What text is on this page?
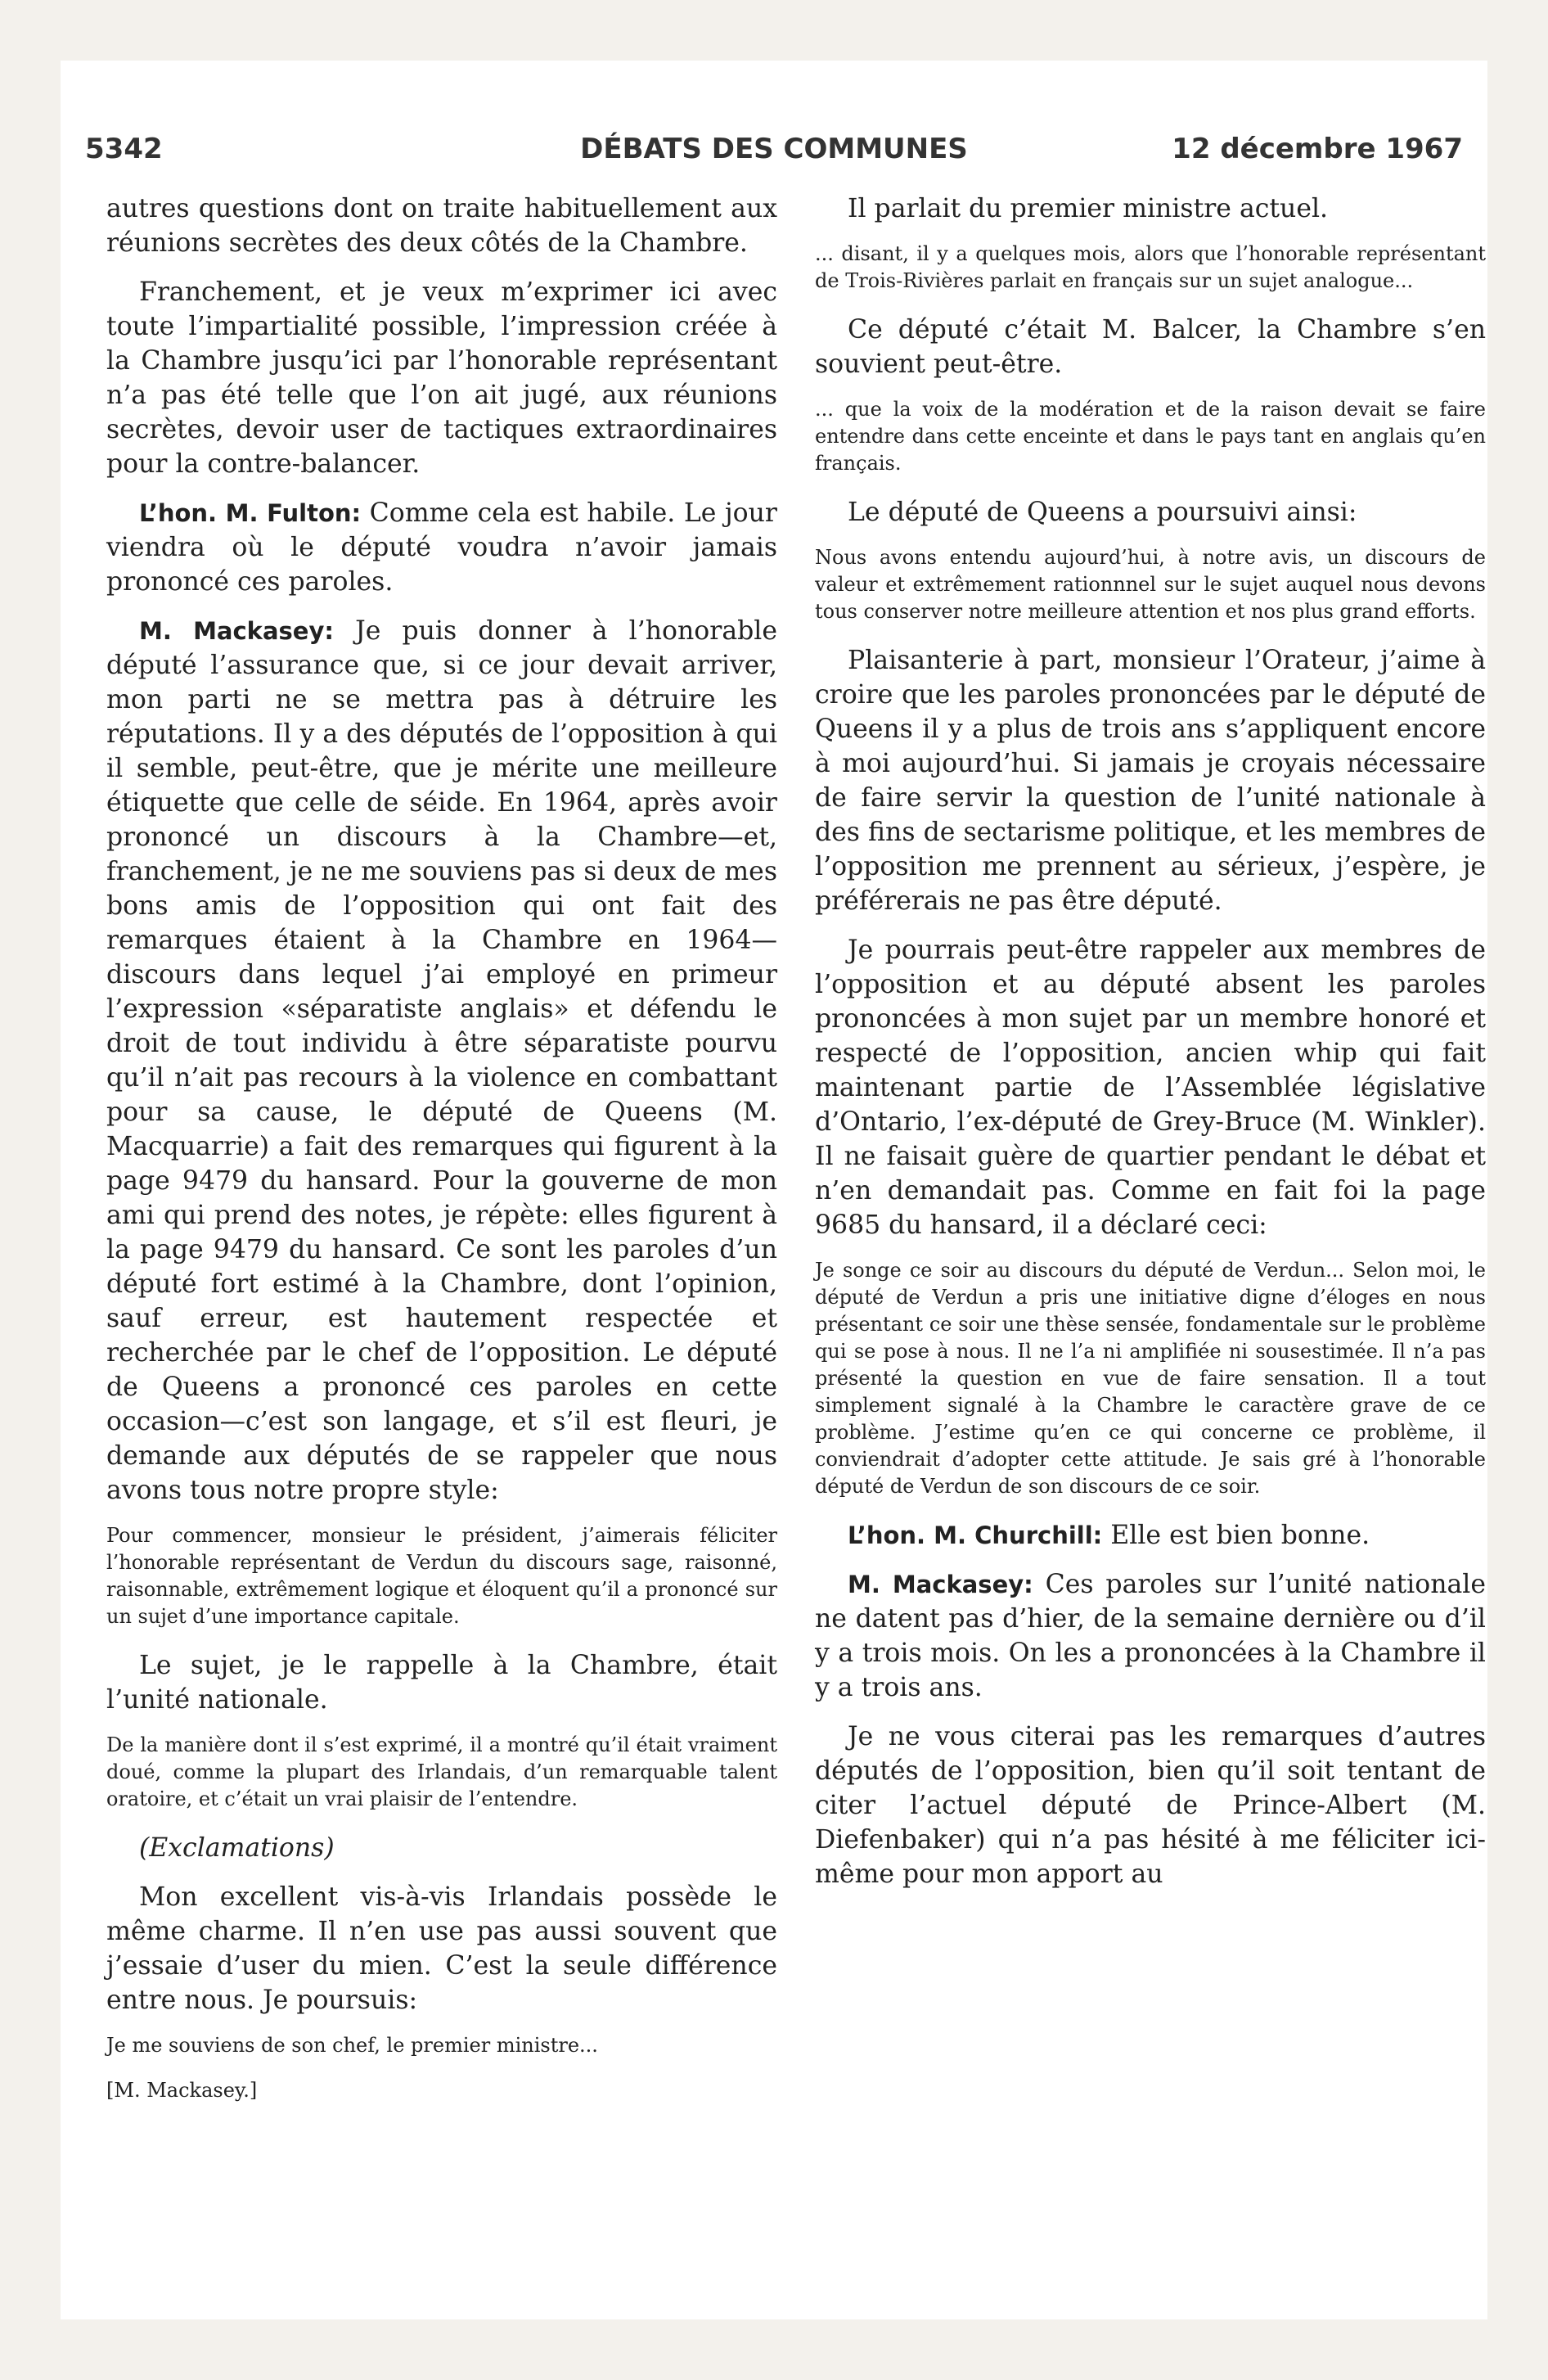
5342	DÉBATS DES COMMUNES	12 décembre 1967

autres questions dont on traite habituellement aux réunions secrètes des deux côtés de la Chambre.

Franchement, et je veux m’exprimer ici avec toute l’impartialité possible, l’impression créée à la Chambre jusqu’ici par l’honorable représentant n’a pas été telle que l’on ait jugé, aux réunions secrètes, devoir user de tactiques extraordinaires pour la contre-balancer.

L’hon. M. Fulton: Comme cela est habile. Le jour viendra où le député voudra n’avoir jamais prononcé ces paroles.

M. Mackasey: Je puis donner à l’honorable député l’assurance que, si ce jour devait arriver, mon parti ne se mettra pas à détruire les réputations. Il y a des députés de l’opposition à qui il semble, peut-être, que je mérite une meilleure étiquette que celle de séide. En 1964, après avoir prononcé un discours à la Chambre—et, franchement, je ne me souviens pas si deux de mes bons amis de l’opposition qui ont fait des remarques étaient à la Chambre en 1964—discours dans lequel j’ai employé en primeur l’expression «séparatiste anglais» et défendu le droit de tout individu à être séparatiste pourvu qu’il n’ait pas recours à la violence en combattant pour sa cause, le député de Queens (M. Macquarrie) a fait des remarques qui figurent à la page 9479 du hansard. Pour la gouverne de mon ami qui prend des notes, je répète: elles figurent à la page 9479 du hansard. Ce sont les paroles d’un député fort estimé à la Chambre, dont l’opinion, sauf erreur, est hautement respectée et recherchée par le chef de l’opposition. Le député de Queens a prononcé ces paroles en cette occasion—c’est son langage, et s’il est fleuri, je demande aux députés de se rappeler que nous avons tous notre propre style:

Pour commencer, monsieur le président, j’aimerais féliciter l’honorable représentant de Verdun du discours sage, raisonné, raisonnable, extrêmement logique et éloquent qu’il a prononcé sur un sujet d’une importance capitale.

Le sujet, je le rappelle à la Chambre, était l’unité nationale.

De la manière dont il s’est exprimé, il a montré qu’il était vraiment doué, comme la plupart des Irlandais, d’un remarquable talent oratoire, et c’était un vrai plaisir de l’entendre.

(Exclamations)

Mon excellent vis-à-vis Irlandais possède le même charme. Il n’en use pas aussi souvent que j’essaie d’user du mien. C’est la seule différence entre nous. Je poursuis:

Je me souviens de son chef, le premier ministre...

[M. Mackasey.]

Il parlait du premier ministre actuel.

... disant, il y a quelques mois, alors que l’honorable représentant de Trois-Rivières parlait en français sur un sujet analogue...

Ce député c’était M. Balcer, la Chambre s’en souvient peut-être.

... que la voix de la modération et de la raison devait se faire entendre dans cette enceinte et dans le pays tant en anglais qu’en français.

Le député de Queens a poursuivi ainsi:

Nous avons entendu aujourd’hui, à notre avis, un discours de valeur et extrêmement rationnnel sur le sujet auquel nous devons tous conserver notre meilleure attention et nos plus grand efforts.

Plaisanterie à part, monsieur l’Orateur, j’aime à croire que les paroles prononcées par le député de Queens il y a plus de trois ans s’appliquent encore à moi aujourd’hui. Si jamais je croyais nécessaire de faire servir la question de l’unité nationale à des fins de sectarisme politique, et les membres de l’opposition me prennent au sérieux, j’espère, je préférerais ne pas être député.

Je pourrais peut-être rappeler aux membres de l’opposition et au député absent les paroles prononcées à mon sujet par un membre honoré et respecté de l’opposition, ancien whip qui fait maintenant partie de l’Assemblée législative d’Ontario, l’ex-député de Grey-Bruce (M. Winkler). Il ne faisait guère de quartier pendant le débat et n’en demandait pas. Comme en fait foi la page 9685 du hansard, il a déclaré ceci:

Je songe ce soir au discours du député de Verdun... Selon moi, le député de Verdun a pris une initiative digne d’éloges en nous présentant ce soir une thèse sensée, fondamentale sur le problème qui se pose à nous. Il ne l’a ni amplifiée ni sousestimée. Il n’a pas présenté la question en vue de faire sensation. Il a tout simplement signalé à la Chambre le caractère grave de ce problème. J’estime qu’en ce qui concerne ce problème, il conviendrait d’adopter cette attitude. Je sais gré à l’honorable député de Verdun de son discours de ce soir.

L’hon. M. Churchill: Elle est bien bonne.

M. Mackasey: Ces paroles sur l’unité nationale ne datent pas d’hier, de la semaine dernière ou d’il y a trois mois. On les a prononcées à la Chambre il y a trois ans.

Je ne vous citerai pas les remarques d’autres députés de l’opposition, bien qu’il soit tentant de citer l’actuel député de Prince-Albert (M. Diefenbaker) qui n’a pas hésité à me féliciter ici-même pour mon apport au
